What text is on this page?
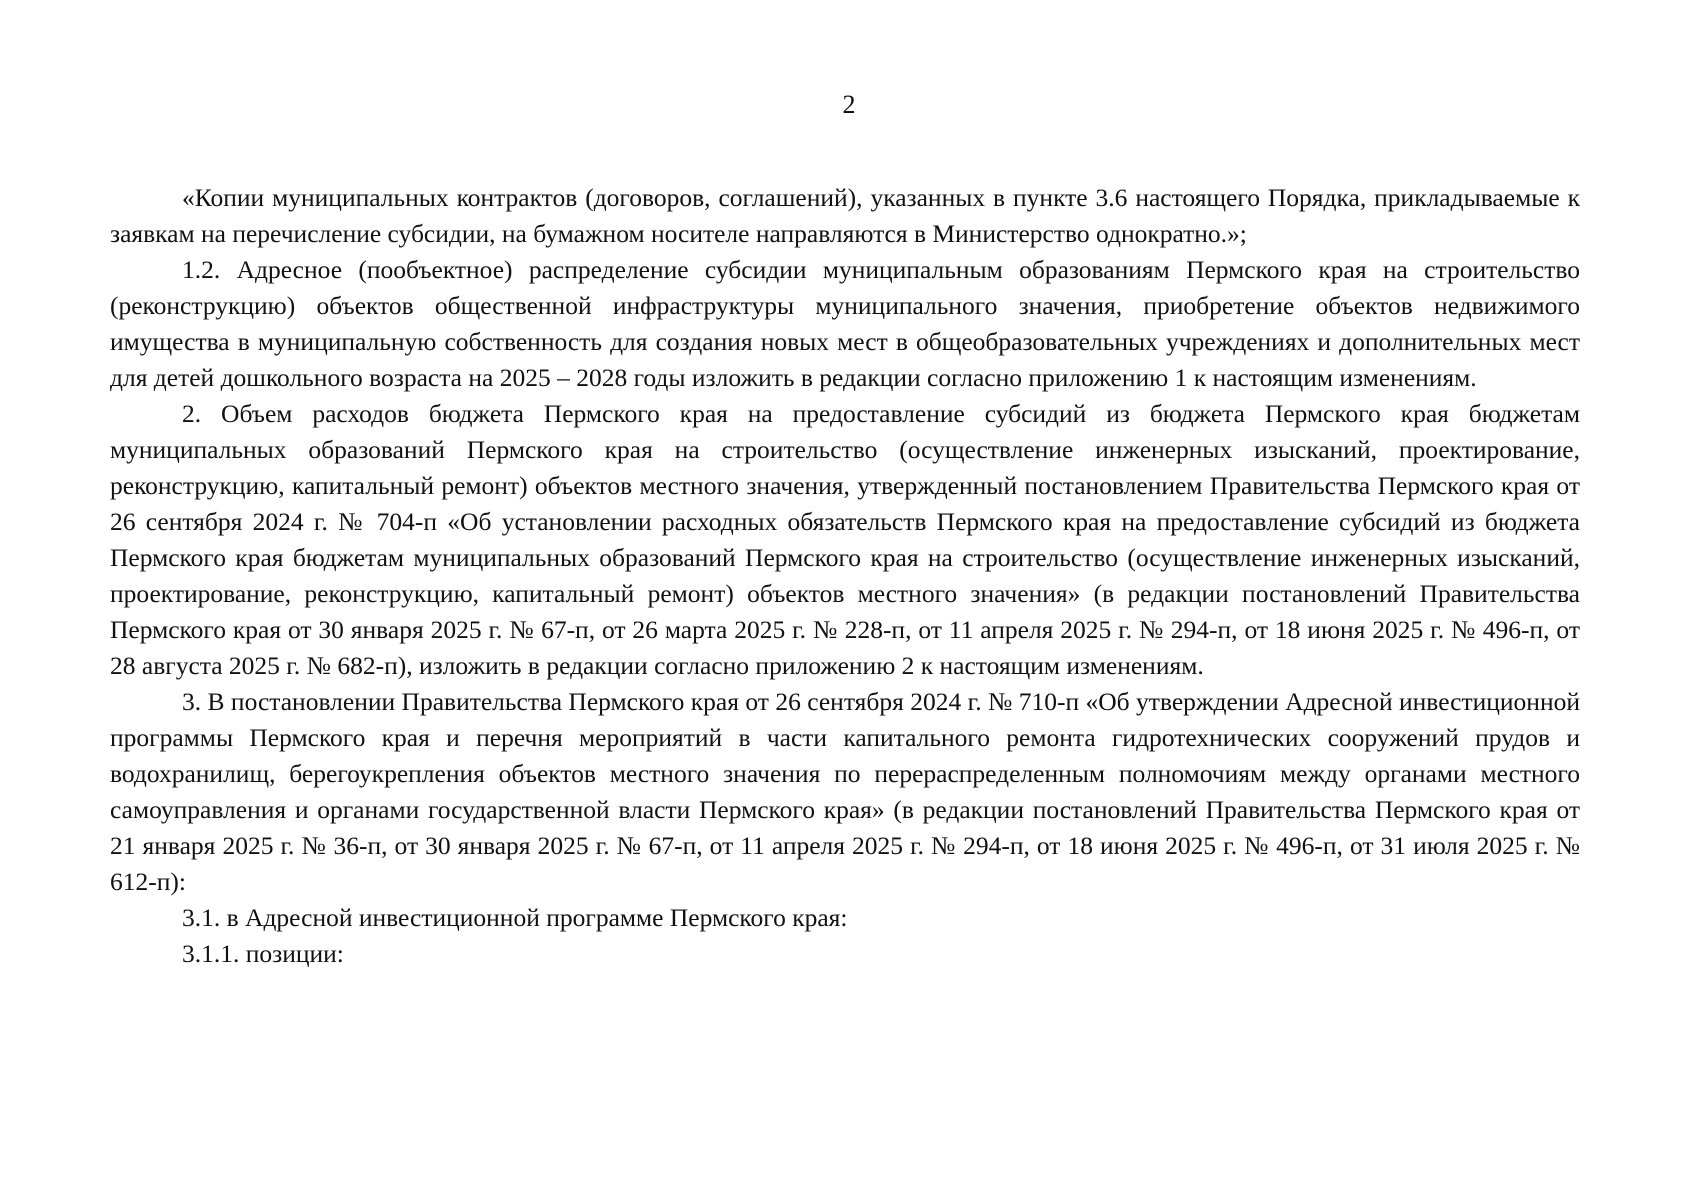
2

«Копии муниципальных контрактов (договоров, соглашений), указанных в пункте 3.6 настоящего Порядка, прикладываемые к заявкам на перечисление субсидии, на бумажном носителе направляются в Министерство однократно.»;

1.2. Адресное (пообъектное) распределение субсидии муниципальным образованиям Пермского края на строительство (реконструкцию) объектов общественной инфраструктуры муниципального значения, приобретение объектов недвижимого имущества в муниципальную собственность для создания новых мест в общеобразовательных учреждениях и дополнительных мест для детей дошкольного возраста на 2025 – 2028 годы изложить в редакции согласно приложению 1 к настоящим изменениям.

2. Объем расходов бюджета Пермского края на предоставление субсидий из бюджета Пермского края бюджетам муниципальных образований Пермского края на строительство (осуществление инженерных изысканий, проектирование, реконструкцию, капитальный ремонт) объектов местного значения, утвержденный постановлением Правительства Пермского края от 26 сентября 2024 г. № 704-п «Об установлении расходных обязательств Пермского края на предоставление субсидий из бюджета Пермского края бюджетам муниципальных образований Пермского края на строительство (осуществление инженерных изысканий, проектирование, реконструкцию, капитальный ремонт) объектов местного значения» (в редакции постановлений Правительства Пермского края от 30 января 2025 г. № 67-п, от 26 марта 2025 г. № 228-п, от 11 апреля 2025 г. № 294-п, от 18 июня 2025 г. № 496-п, от 28 августа 2025 г. № 682-п), изложить в редакции согласно приложению 2 к настоящим изменениям.

3. В постановлении Правительства Пермского края от 26 сентября 2024 г. № 710-п «Об утверждении Адресной инвестиционной программы Пермского края и перечня мероприятий в части капитального ремонта гидротехнических сооружений прудов и водохранилищ, берегоукрепления объектов местного значения по перераспределенным полномочиям между органами местного самоуправления и органами государственной власти Пермского края» (в редакции постановлений Правительства Пермского края от 21 января 2025 г. № 36-п, от 30 января 2025 г. № 67-п, от 11 апреля 2025 г. № 294-п, от 18 июня 2025 г. № 496-п, от 31 июля 2025 г. № 612-п):

3.1. в Адресной инвестиционной программе Пермского края:

3.1.1. позиции:
